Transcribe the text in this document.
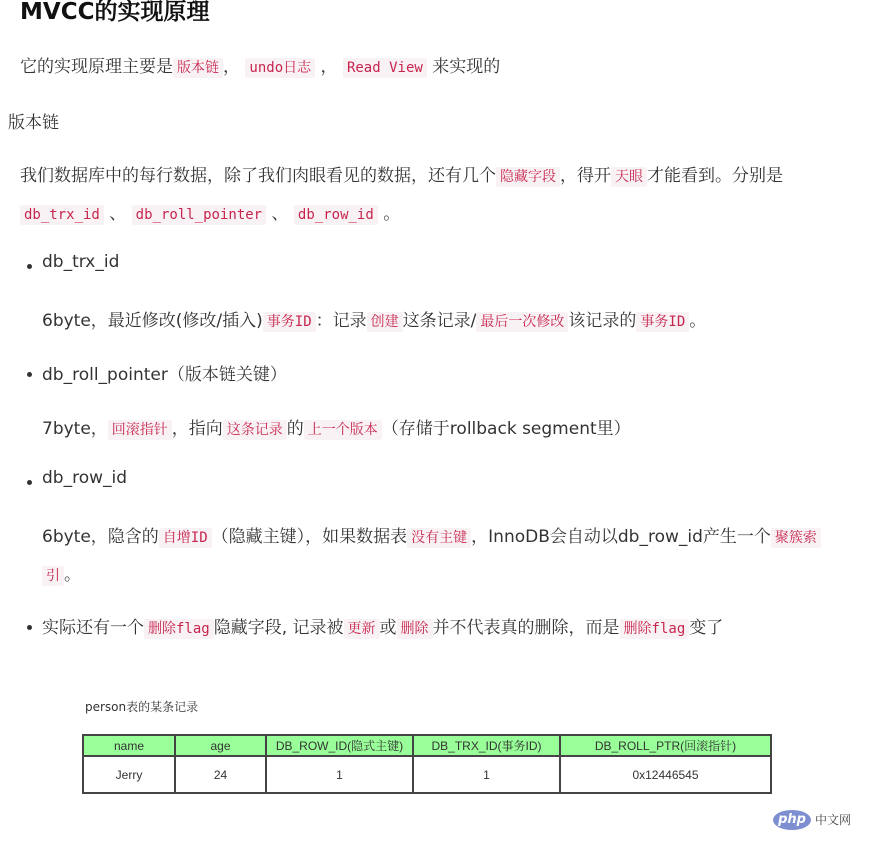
MVCC的实现原理
它的实现原理主要是 版本链 ， undo日志 ， Read View 来实现的
版本链
我们数据库中的每行数据，除了我们肉眼看见的数据，还有几个 隐藏字段 ，得开 天眼 才能看到。分别是
db_trx_id 、 db_roll_pointer 、 db_row_id 。
db_trx_id
6byte，最近修改(修改/插入) 事务ID ：记录 创建 这条记录/ 最后一次修改 该记录的 事务ID 。
db_roll_pointer（版本链关键）
7byte， 回滚指针 ，指向 这条记录 的 上一个版本 （存储于rollback segment里）
db_row_id
6byte，隐含的 自增ID （隐藏主键），如果数据表 没有主键 ，InnoDB会自动以db_row_id产生一个 聚簇索
引 。
实际还有一个 删除flag 隐藏字段, 记录被 更新 或 删除 并不代表真的删除，而是 删除flag 变了
person表的某条记录
name	age	DB_ROW_ID(隐式主键)	DB_TRX_ID(事务ID)	DB_ROLL_PTR(回滚指针)
Jerry	24	1	1	0x12446545
php 中文网
